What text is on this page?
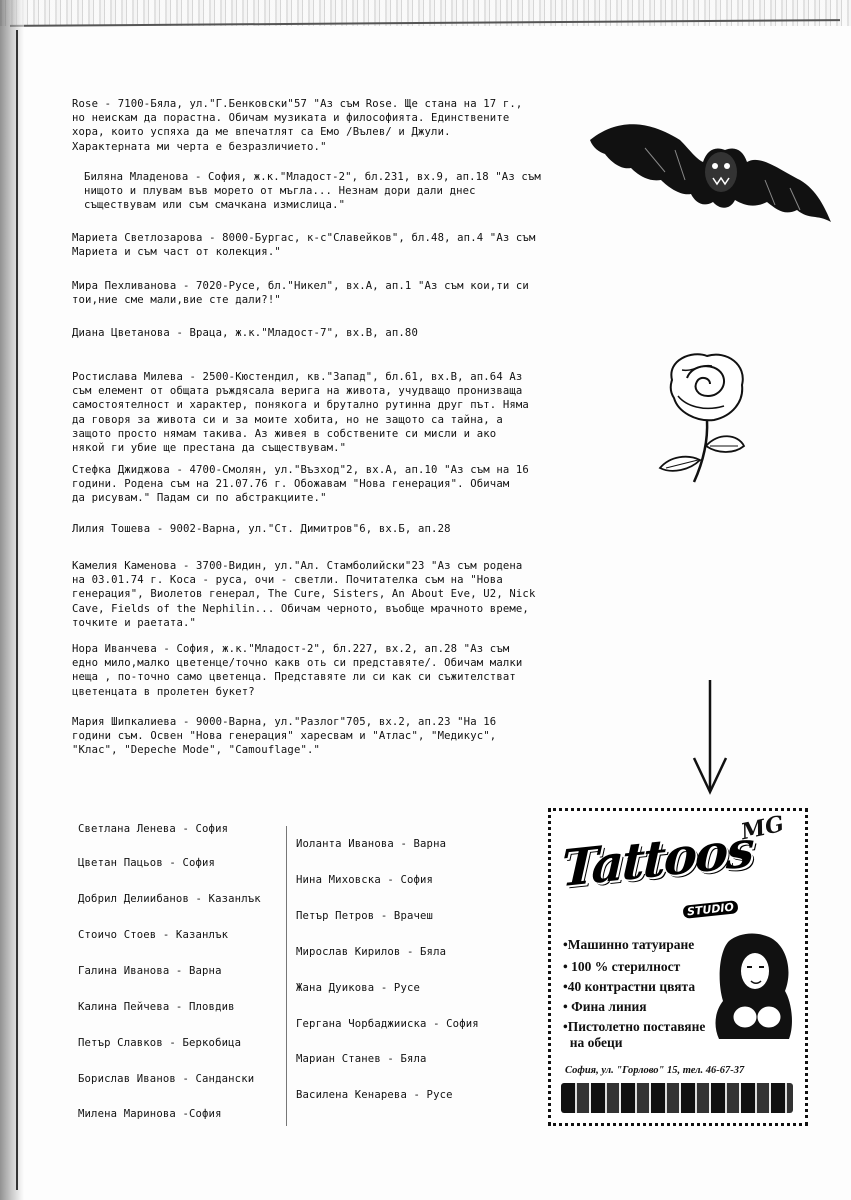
Rose - 7100-Бяла, ул."Г.Бенковски"57 "Аз съм Rose. Ще стана на 17 г.,
но неискам да порастна. Обичам музиката и философията. Единствените
хора, които успяха да ме впечатлят са Емо /Вълев/ и Джули.
Характерната ми черта е безразличието."
Биляна Младенова - София, ж.к."Младост-2", бл.231, вх.9, ап.18 "Аз съм
нищото и плувам във морето от мъгла... Незнам дори дали днес
съществувам или съм смачкана измислица."
Мариета Светлозарова - 8000-Бургас, к-с"Славейков", бл.48, ап.4 "Аз съм
Мариета и съм част от колекция."
Мира Пехливанова - 7020-Русе, бл."Никел", вх.А, ап.1 "Аз съм кои,ти си
тои,ние сме мали,вие сте дали?!"
Диана Цветанова - Враца, ж.к."Младост-7", вх.В, ап.80
Ростислава Милева - 2500-Кюстендил, кв."Запад", бл.61, вх.В, ап.64 Аз
съм елемент от общата ръждясала верига на живота, учудващо пронизваща
самостоятелност и характер, понякога и брутално рутинна друг път. Няма
да говоря за живота си и за моите хобита, но не защото са тайна, а
защото просто нямам такива. Аз живея в собствените си мисли и ако
някой ги убие ще престана да съществувам."
Стефка Джиджова - 4700-Смолян, ул."Възход"2, вх.А, ап.10 "Аз съм на 16
години. Родена съм на 21.07.76 г. Обожавам "Нова генерация". Обичам
да рисувам." Падам си по абстракциите."
Лилия Тошева - 9002-Варна, ул."Ст. Димитров"6, вх.Б, ап.28
Камелия Каменова - 3700-Видин, ул."Ал. Стамболийски"23 "Аз съм родена
на 03.01.74 г. Коса - руса, очи - светли. Почитателка съм на "Нова
генерация", Виолетов генерал, The Cure, Sisters, An About Eve, U2, Nick
Cave, Fields of the Nephilin... Обичам черното, въобще мрачното време,
точките и раетата."
Нора Иванчева - София, ж.к."Младост-2", бл.227, вх.2, ап.28 "Аз съм
едно мило,малко цветенце/точно какв оть си представяте/. Обичам малки
неща , по-точно само цветенца. Представяте ли си как си съжителстват
цветенцата в пролетен букет?
Мария Шипкалиева - 9000-Варна, ул."Разлог"705, вх.2, ап.23 "На 16
години съм. Освен "Нова генерация" харесвам и "Атлас", "Медикус",
"Клас", "Depeche Mode", "Camouflage"."
Светлана Ленева - София
Цветан Пацьов - София
Добрил Делиибанов - Казанлък
Стоичо Стоев - Казанлък
Галина Иванова - Варна
Калина Пейчева - Пловдив
Петър Славков - Беркобица
Борислав Иванов - Сандански
Милена Маринова -София
Иоланта Иванова - Варна
Нина Миховска - София
Петър Петров - Врачеш
Мирослав Кирилов - Бяла
Жана Дуикова - Русе
Гергана Чорбаджииска - София
Мариан Станев - Бяла
Василена Кенарева - Русе
MG
Tattoos
STUDIO
•Машинно татуиране
• 100 % стерилност
•40 контрастни цвята
• Фина линия
•Пистолетно поставяне
на обеци
София, ул. "Горлово" 15, тел. 46-67-37
